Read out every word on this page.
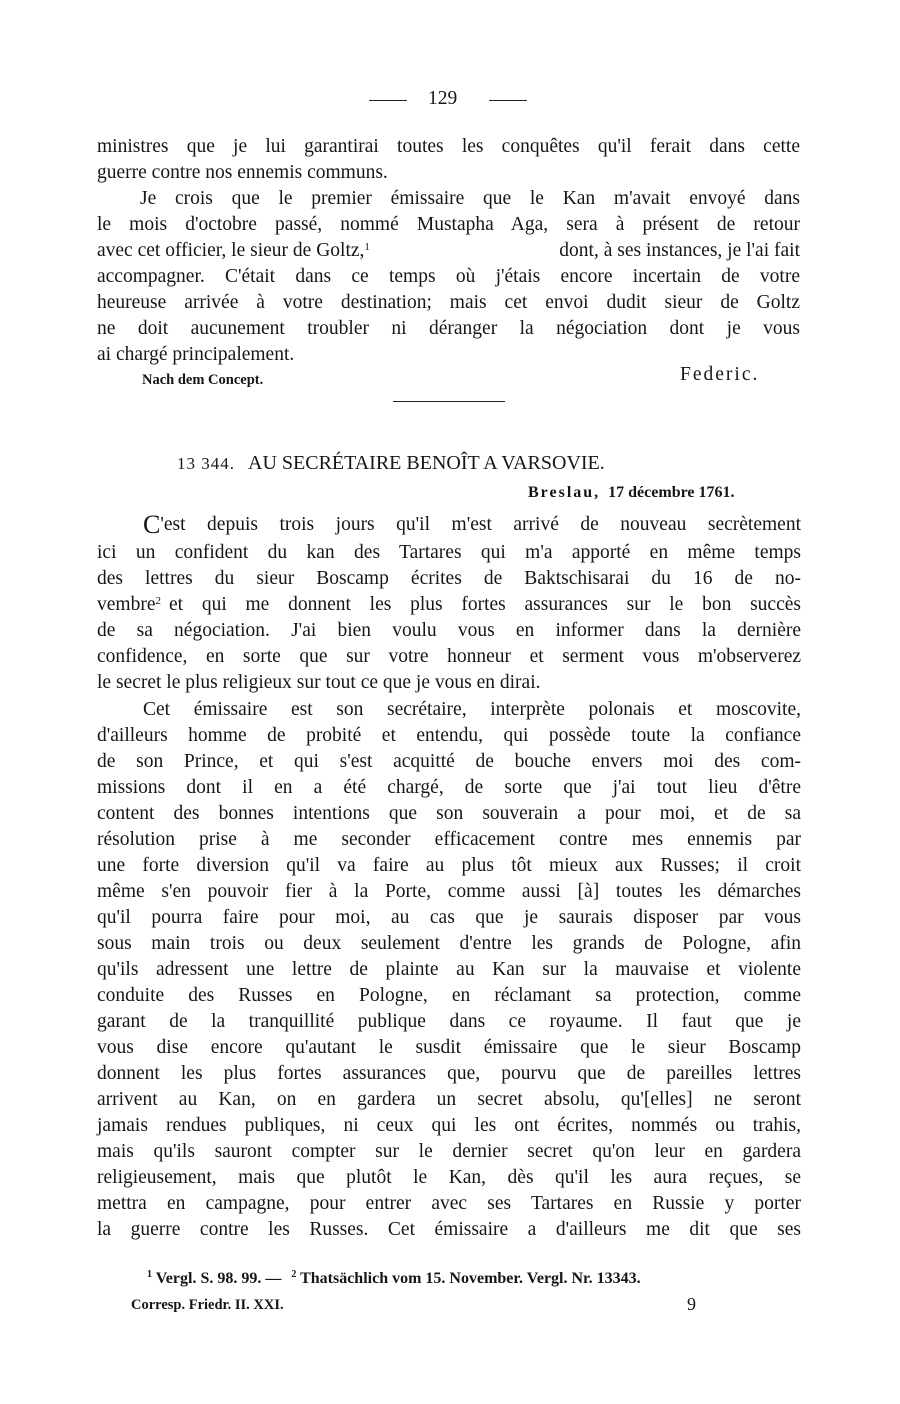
129
ministres que je lui garantirai toutes les conquêtes qu'il ferait dans cette
guerre contre nos ennemis communs.
Je crois que le premier émissaire que le Kan m'avait envoyé dans
le mois d'octobre passé, nommé Mustapha Aga, sera à présent de retour
avec cet officier, le sieur de Goltz,$^1$	dont, à ses instances, je l'ai fait
accompagner. C'était dans ce temps où j'étais encore incertain de votre
heureuse arrivée à votre destination; mais cet envoi dudit sieur de Goltz
ne doit aucunement troubler ni déranger la négociation dont je vous
ai chargé principalement.
Nach dem Concept.	Federic.
13 344. AU SECRÉTAIRE BENOÎT A VARSOVIE.
Breslau, 17 décembre 1761.
C 'est depuis trois jours qu'il m'est arrivé de nouveau secrètement
ici un confident du kan des Tartares qui m'a apporté en même temps
des lettres du sieur Boscamp écrites de Baktschisarai du 16 de no-
vembre$^2$ et qui me donnent les plus fortes assurances sur le bon succès
de sa négociation. J'ai bien voulu vous en informer dans la dernière
confidence, en sorte que sur votre honneur et serment vous m'observerez
le secret le plus religieux sur tout ce que je vous en dirai.
Cet émissaire est son secrétaire, interprète polonais et moscovite,
d'ailleurs homme de probité et entendu, qui possède toute la confiance
de son Prince, et qui s'est acquitté de bouche envers moi des com-
missions dont il en a été chargé, de sorte que j'ai tout lieu d'être
content des bonnes intentions que son souverain a pour moi, et de sa
résolution prise à me seconder efficacement contre mes ennemis par
une forte diversion qu'il va faire au plus tôt mieux aux Russes; il croit
même s'en pouvoir fier à la Porte, comme aussi [à] toutes les démarches
qu'il pourra faire pour moi, au cas que je saurais disposer par vous
sous main trois ou deux seulement d'entre les grands de Pologne, afin
qu'ils adressent une lettre de plainte au Kan sur la mauvaise et violente
conduite des Russes en Pologne, en réclamant sa protection, comme
garant de la tranquillité publique dans ce royaume. Il faut que je
vous dise encore qu'autant le susdit émissaire que le sieur Boscamp
donnent les plus fortes assurances que, pourvu que de pareilles lettres
arrivent au Kan, on en gardera un secret absolu, qu'[elles] ne seront
jamais rendues publiques, ni ceux qui les ont écrites, nommés ou trahis,
mais qu'ils sauront compter sur le dernier secret qu'on leur en gardera
religieusement, mais que plutôt le Kan, dès qu'il les aura reçues, se
mettra en campagne, pour entrer avec ses Tartares en Russie y porter
la guerre contre les Russes. Cet émissaire a d'ailleurs me dit que ses
$^1$ Vergl. S. 98. 99. — $^2$ Thatsächlich vom 15. November. Vergl. Nr. 13343.
Corresp. Friedr. II. XXI.	9
